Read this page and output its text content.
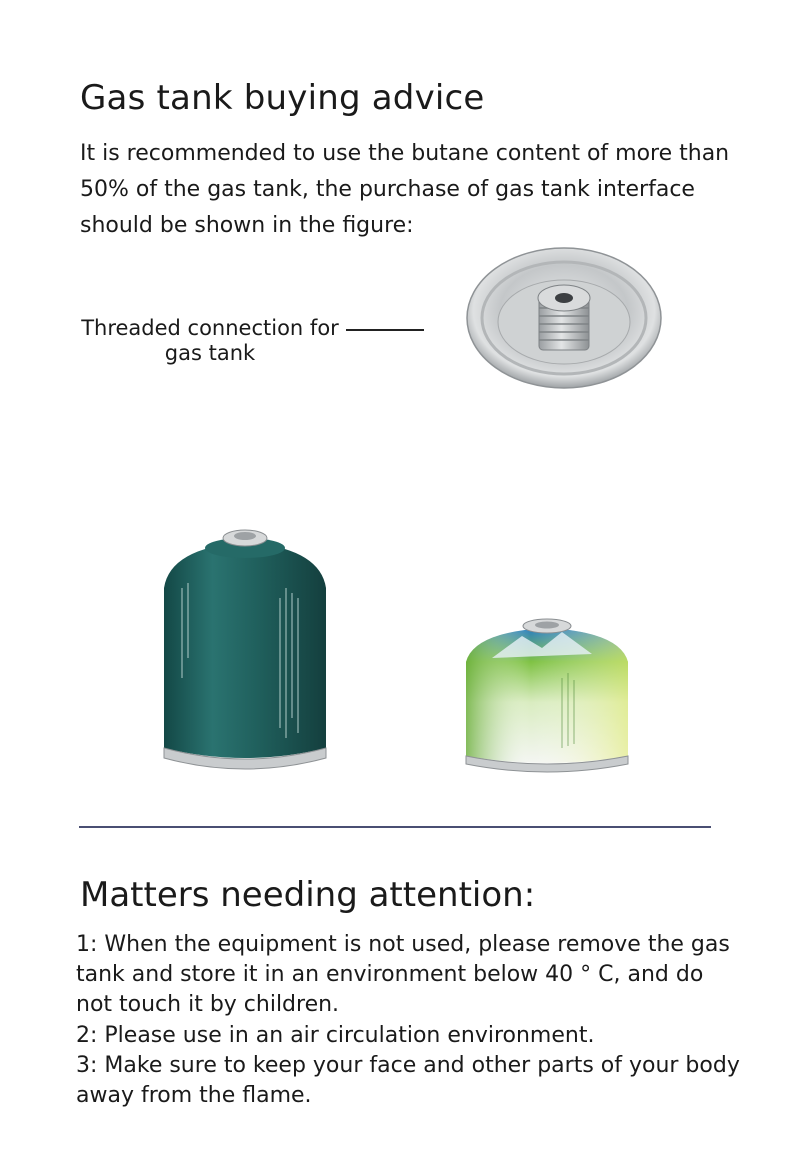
Gas tank buying advice
It is recommended to use the butane content of more than
50% of the gas tank, the purchase of gas tank interface
should be shown in the figure:
Threaded connection for
gas tank
Matters needing attention:
1: When the equipment is not used, please remove the gas
tank and store it in an environment below 40 ° C, and do
not touch it by children.
2: Please use in an air circulation environment.
3: Make sure to keep your face and other parts of your body
away from the flame.
